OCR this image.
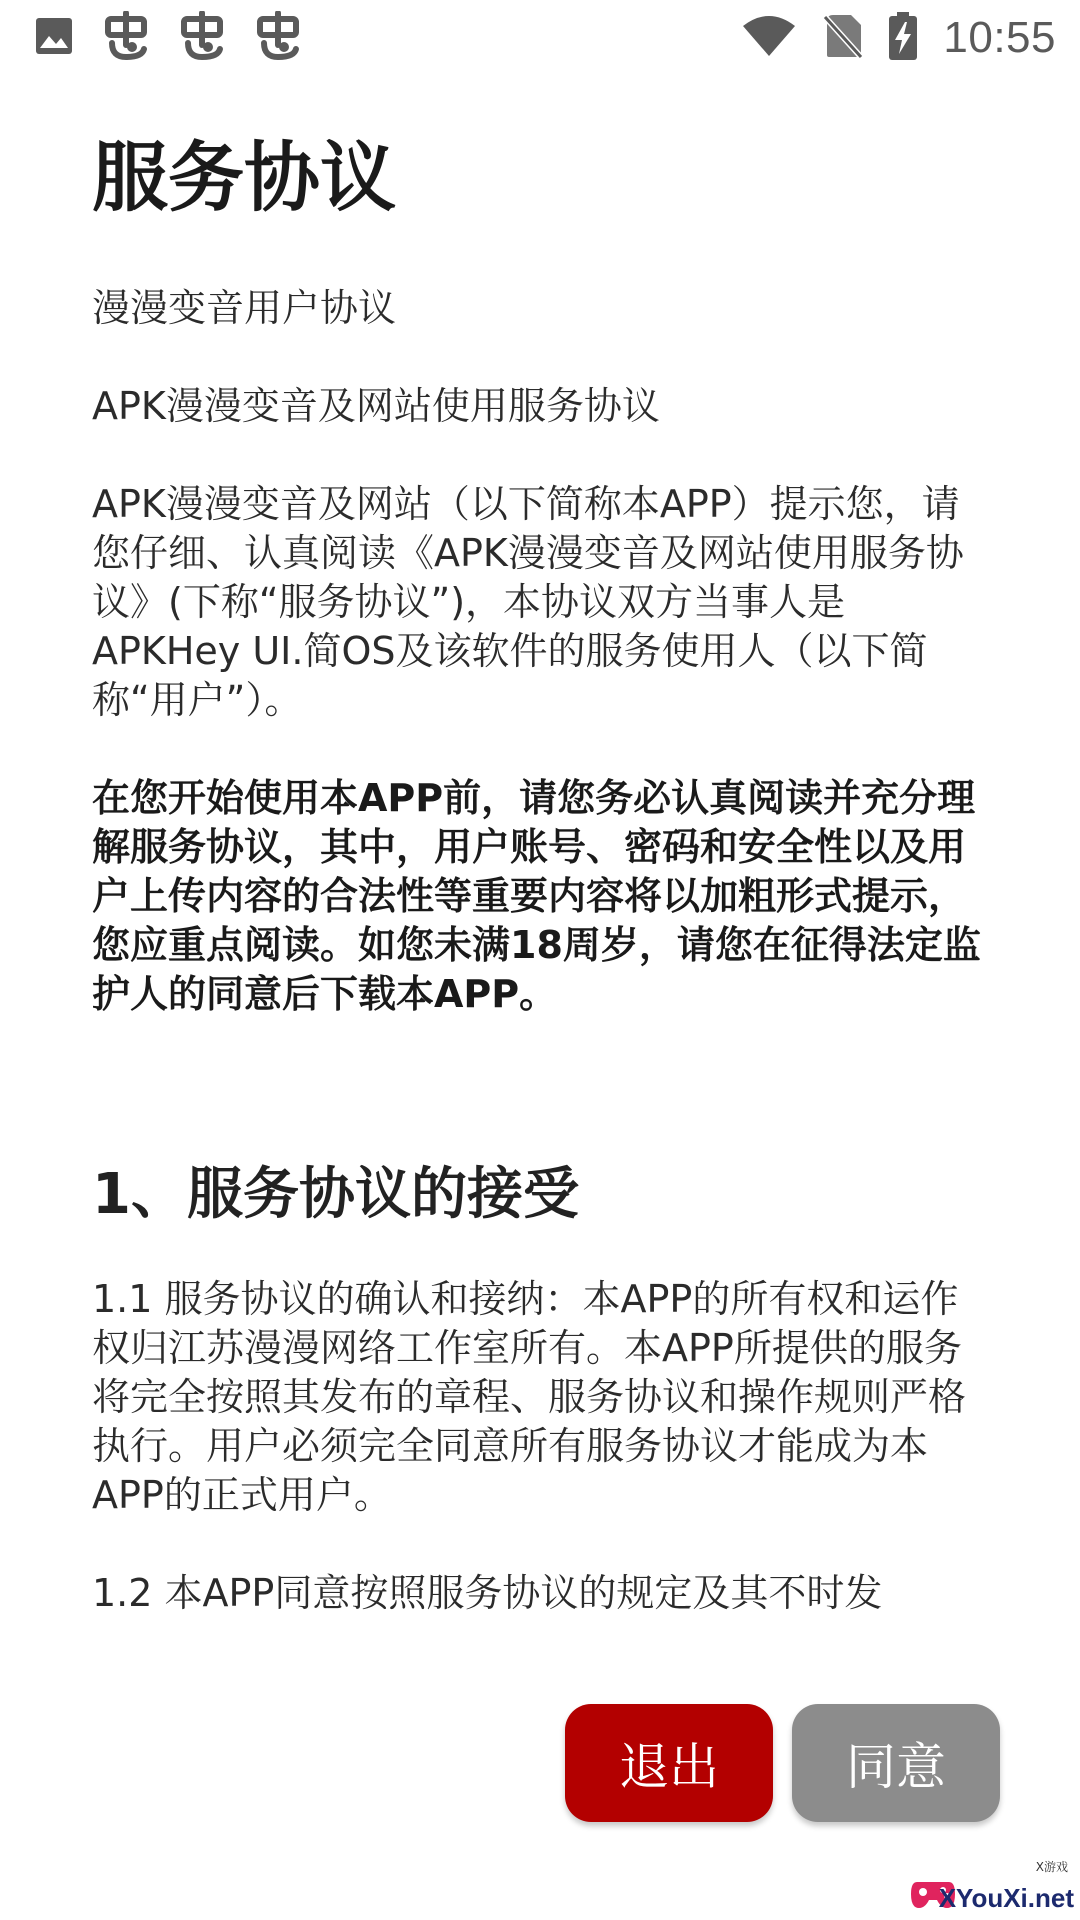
10:55
服务协议

漫漫变音用户协议

APK漫漫变音及网站使用服务协议

APK漫漫变音及网站（以下简称本APP）提示您，请您仔细、认真阅读《APK漫漫变音及网站使用服务协议》(下称“服务协议”)，本协议双方当事人是APKHey UI.简OS及该软件的服务使用人（以下简称“用户”）。

在您开始使用本APP前，请您务必认真阅读并充分理解服务协议，其中，用户账号、密码和安全性以及用户上传内容的合法性等重要内容将以加粗形式提示，您应重点阅读。如您未满18周岁，请您在征得法定监护人的同意后下载本APP。

1、服务协议的接受

1.1 服务协议的确认和接纳：本APP的所有权和运作权归江苏漫漫网络工作室所有。本APP所提供的服务将完全按照其发布的章程、服务协议和操作规则严格执行。用户必须完全同意所有服务协议才能成为本APP的正式用户。

1.2 本APP同意按照服务协议的规定及其不时发

退出	同意
X游戏
XYouXi.net
